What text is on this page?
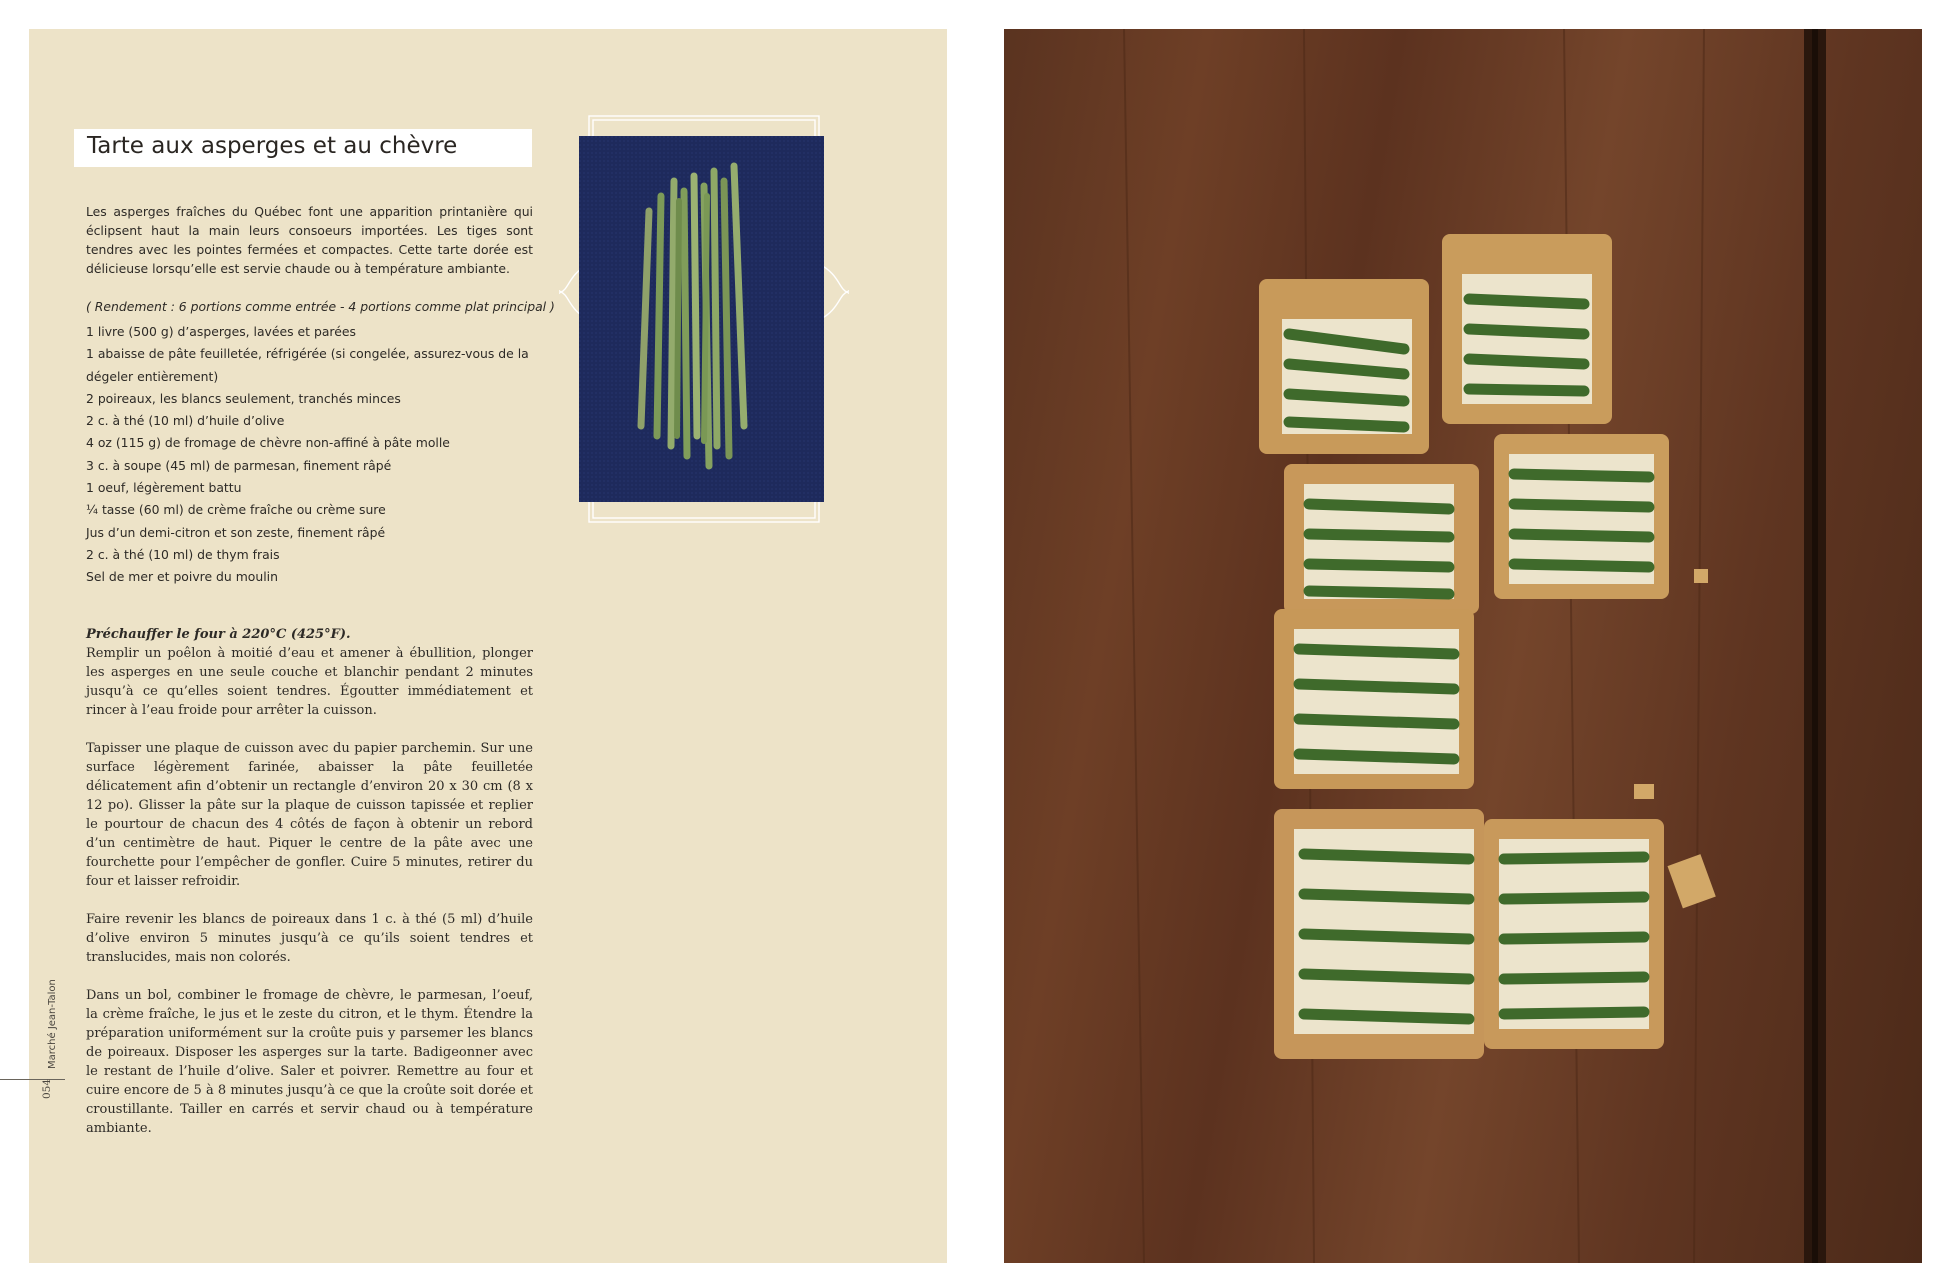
Tarte aux asperges et au chèvre
Les asperges fraîches du Québec font une apparition printanière qui éclipsent haut la main leurs consoeurs importées. Les tiges sont tendres avec les pointes fermées et compactes. Cette tarte dorée est délicieuse lorsqu’elle est servie chaude ou à température ambiante.
( Rendement : 6 portions comme entrée - 4 portions comme plat principal )
1 livre (500 g) d’asperges, lavées et parées
1 abaisse de pâte feuilletée, réfrigérée (si congelée, assurez-vous de la
dégeler entièrement)
2 poireaux, les blancs seulement, tranchés minces
2 c. à thé (10 ml) d’huile d’olive
4 oz (115 g) de fromage de chèvre non-affiné à pâte molle
3 c. à soupe (45 ml) de parmesan, finement râpé
1 oeuf, légèrement battu
¼ tasse (60 ml) de crème fraîche ou crème sure
Jus d’un demi-citron et son zeste, finement râpé
2 c. à thé (10 ml) de thym frais
Sel de mer et poivre du moulin

Préchauffer le four à 220°C (425°F).
Remplir un poêlon à moitié d’eau et amener à ébullition, plonger les asperges en une seule couche et blanchir pendant 2 minutes jusqu’à ce qu’elles soient tendres. Égoutter immédiatement et rincer à l’eau froide pour arrêter la cuisson.

Tapisser une plaque de cuisson avec du papier parchemin. Sur une surface légèrement farinée, abaisser la pâte feuilletée délicatement afin d’obtenir un rectangle d’environ 20 x 30 cm (8 x 12 po). Glisser la pâte sur la plaque de cuisson tapissée et replier le pourtour de chacun des 4 côtés de façon à obtenir un rebord d’un centimètre de haut. Piquer le centre de la pâte avec une fourchette pour l’empêcher de gonfler. Cuire 5 minutes, retirer du four et laisser refroidir.

Faire revenir les blancs de poireaux dans 1 c. à thé (5 ml) d’huile d’olive environ 5 minutes jusqu’à ce qu’ils soient tendres et translucides, mais non colorés.

Dans un bol, combiner le fromage de chèvre, le parmesan, l’oeuf, la crème fraîche, le jus et le zeste du citron, et le thym. Étendre la préparation uniformément sur la croûte puis y parsemer les blancs de poireaux. Disposer les asperges sur la tarte. Badigeonner avec le restant de l’huile d’olive. Saler et poivrer. Remettre au four et cuire encore de 5 à 8 minutes jusqu’à ce que la croûte soit dorée et croustillante. Tailler en carrés et servir chaud ou à température ambiante.

Marché Jean-Talon
054
